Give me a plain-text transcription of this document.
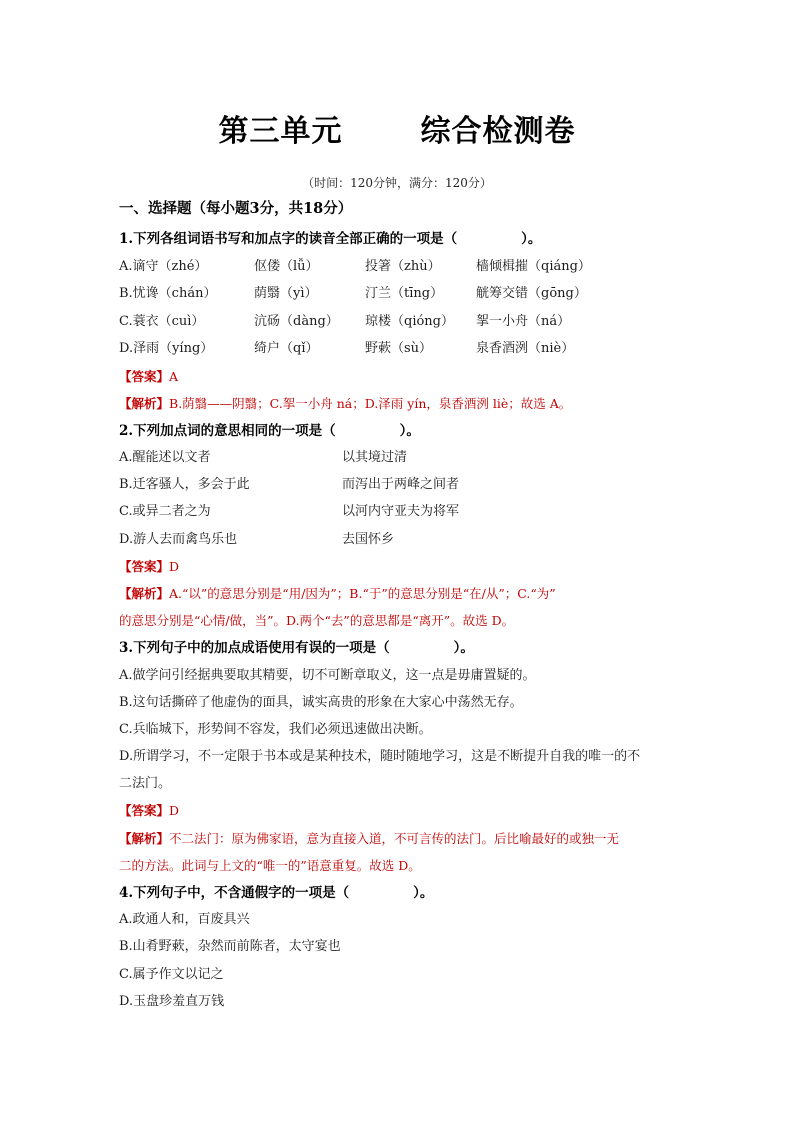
第三单元	综合检测卷
（时间：120分钟，满分：120分）
一、选择题（每小题3分，共18分）
1.下列各组词语书写和加点字的读音全部正确的一项是（	）。
A.谪守（zhé）	伛偻（lǚ）	投箸（zhù）	樯倾楫摧（qiáng）
B.忧谗（chán）	荫翳（yì）	汀兰（tīng）	觥筹交错（gōng）
C.蓑衣（cuì）	沆砀（dàng） 琼楼（qióng） 挐一小舟（ná）
D.泽雨（yíng）	绮户（qǐ）	野蔌（sù）	泉香酒洌（niè）
【答案】A
【解析】B.荫翳——阴翳；C.挐一小舟 ná；D.泽雨 yín，泉香酒洌 liè；故选 A。
2.下列加点词的意思相同的一项是（	）。
A.醒能述以文者	以其境过清
B.迁客骚人，多会于此	而泻出于两峰之间者
C.或异二者之为	以河内守亚夫为将军
D.游人去而禽鸟乐也	去国怀乡
【答案】D
【解析】A.“以”的意思分别是“用/因为”；B.“于”的意思分别是“在/从”；C.“为”
的意思分别是“心情/做，当”。D.两个“去”的意思都是“离开”。故选 D。
3.下列句子中的加点成语使用有误的一项是（	）。
A.做学问引经据典要取其精要，切不可断章取义，这一点是毋庸置疑的。
B.这句话撕碎了他虚伪的面具，诚实高贵的形象在大家心中荡然无存。
C.兵临城下，形势间不容发，我们必须迅速做出决断。
D.所谓学习，不一定限于书本或是某种技术，随时随地学习，这是不断提升自我的唯一的不
二法门。
【答案】D
【解析】不二法门：原为佛家语，意为直接入道，不可言传的法门。后比喻最好的或独一无
二的方法。此词与上文的“唯一的”语意重复。故选 D。
4.下列句子中，不含通假字的一项是（	）。
A.政通人和，百废具兴
B.山肴野蔌，杂然而前陈者，太守宴也
C.属予作文以记之
D.玉盘珍羞直万钱
